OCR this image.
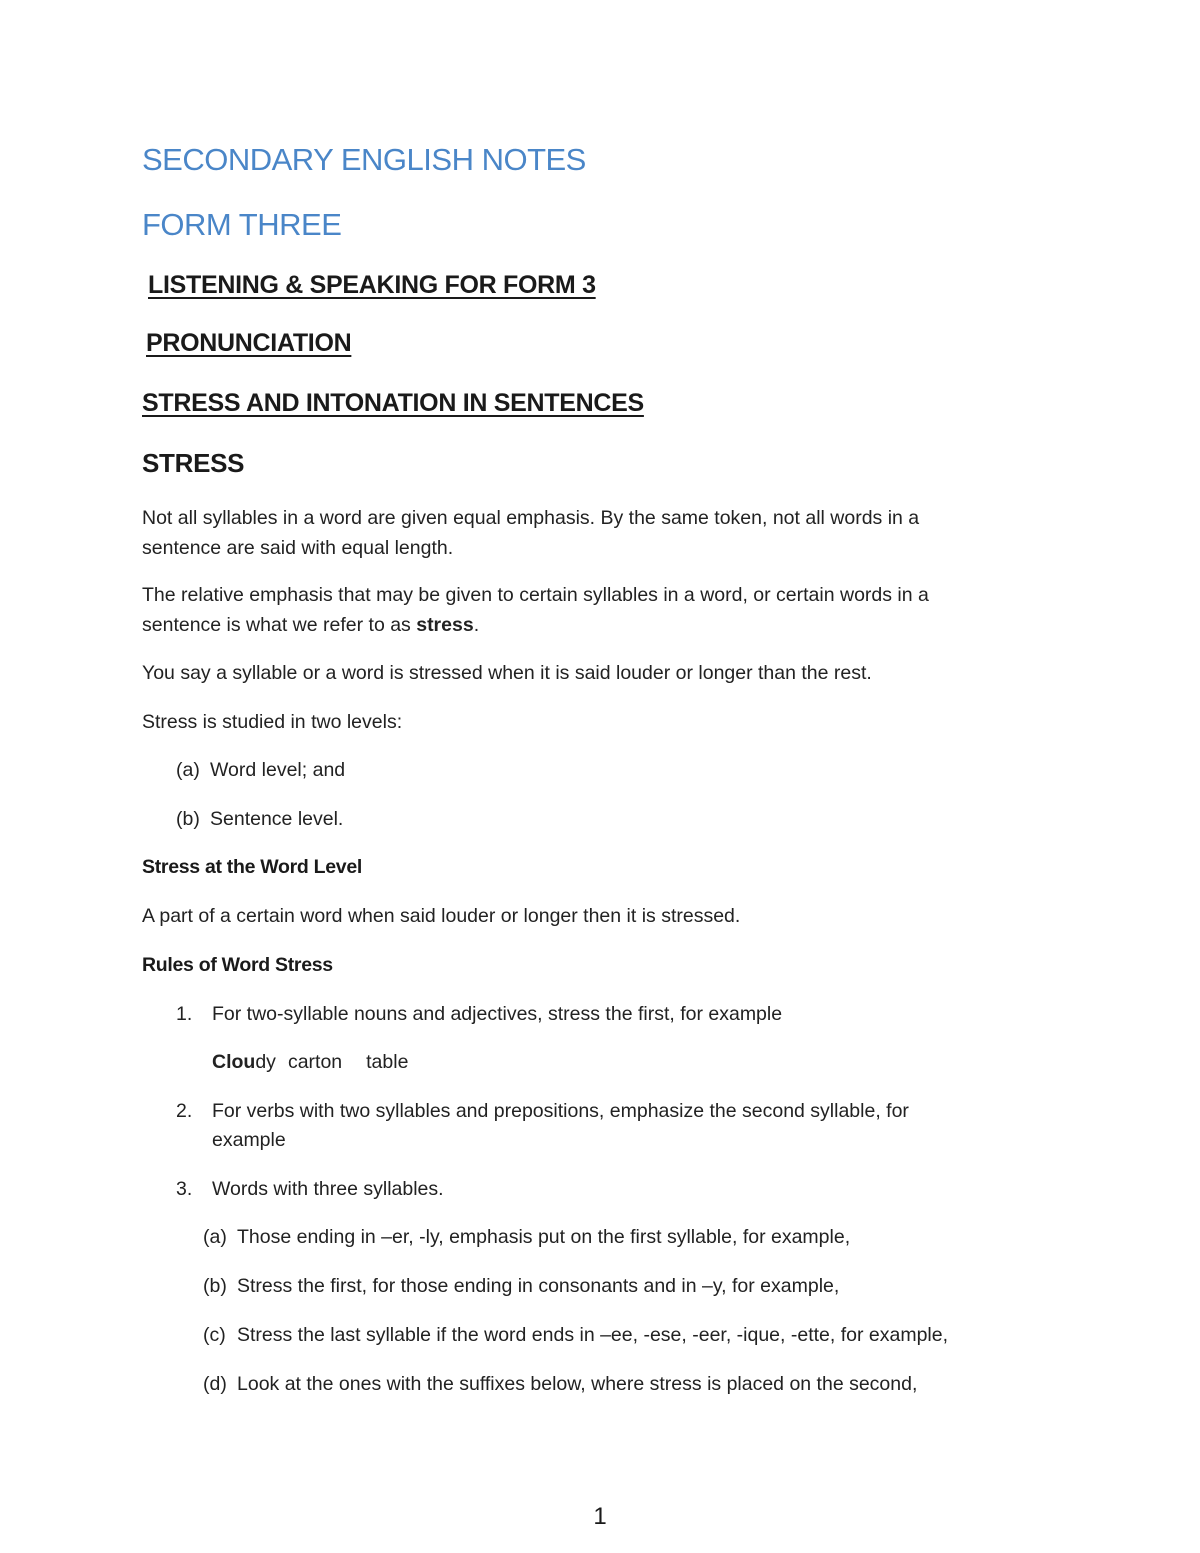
SECONDARY ENGLISH NOTES
FORM THREE
LISTENING & SPEAKING FOR FORM 3
PRONUNCIATION
STRESS AND INTONATION IN SENTENCES
STRESS
Not all syllables in a word are given equal emphasis. By the same token, not all words in a
sentence are said with equal length.
The relative emphasis that may be given to certain syllables in a word, or certain words in a
sentence is what we refer to as stress.
You say a syllable or a word is stressed when it is said louder or longer than the rest.
Stress is studied in two levels:
(a) Word level; and
(b) Sentence level.
Stress at the Word Level
A part of a certain word when said louder or longer then it is stressed.
Rules of Word Stress
1. For two-syllable nouns and adjectives, stress the first, for example
Cloudy carton table
2. For verbs with two syllables and prepositions, emphasize the second syllable, for
example
3. Words with three syllables.
(a) Those ending in –er, -ly, emphasis put on the first syllable, for example,
(b) Stress the first, for those ending in consonants and in –y, for example,
(c) Stress the last syllable if the word ends in –ee, -ese, -eer, -ique, -ette, for example,
(d) Look at the ones with the suffixes below, where stress is placed on the second,
1
